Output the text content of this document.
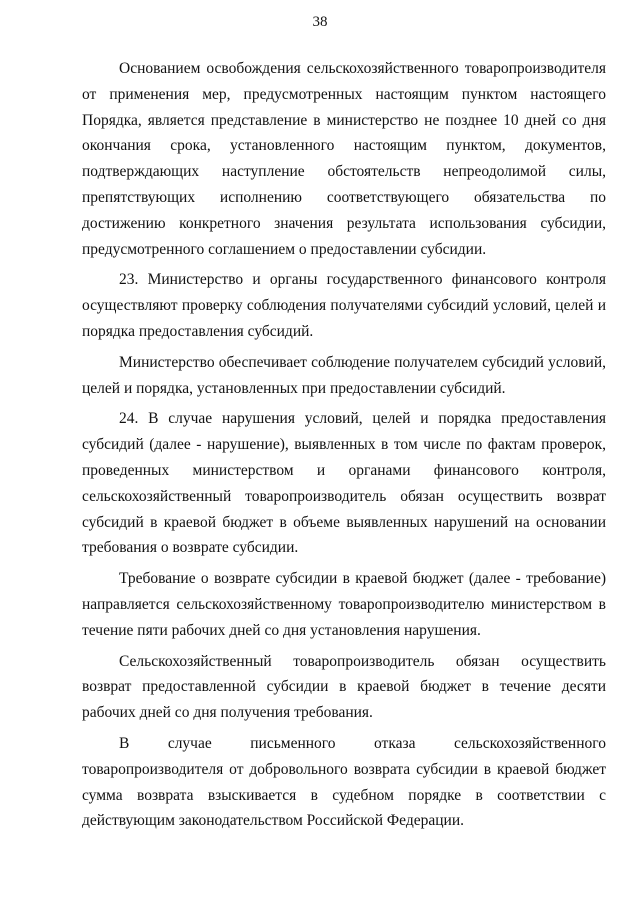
38

Основанием освобождения сельскохозяйственного товаропроизводителя от применения мер, предусмотренных настоящим пунктом настоящего Порядка, является представление в министерство не позднее 10 дней со дня окончания срока, установленного настоящим пунктом, документов, подтверждающих наступление обстоятельств непреодолимой силы, препятствующих исполнению соответствующего обязательства по достижению конкретного значения результата использования субсидии, предусмотренного соглашением о предоставлении субсидии.

23. Министерство и органы государственного финансового контроля осуществляют проверку соблюдения получателями субсидий условий, целей и порядка предоставления субсидий.

Министерство обеспечивает соблюдение получателем субсидий условий, целей и порядка, установленных при предоставлении субсидий.

24. В случае нарушения условий, целей и порядка предоставления субсидий (далее - нарушение), выявленных в том числе по фактам проверок, проведенных министерством и органами финансового контроля, сельскохозяйственный товаропроизводитель обязан осуществить возврат субсидий в краевой бюджет в объеме выявленных нарушений на основании требования о возврате субсидии.

Требование о возврате субсидии в краевой бюджет (далее - требование) направляется сельскохозяйственному товаропроизводителю министерством в течение пяти рабочих дней со дня установления нарушения.

Сельскохозяйственный товаропроизводитель обязан осуществить возврат предоставленной субсидии в краевой бюджет в течение десяти рабочих дней со дня получения требования.

В случае письменного отказа сельскохозяйственного товаропроизводителя от добровольного возврата субсидии в краевой бюджет сумма возврата взыскивается в судебном порядке в соответствии с действующим законодательством Российской Федерации.
